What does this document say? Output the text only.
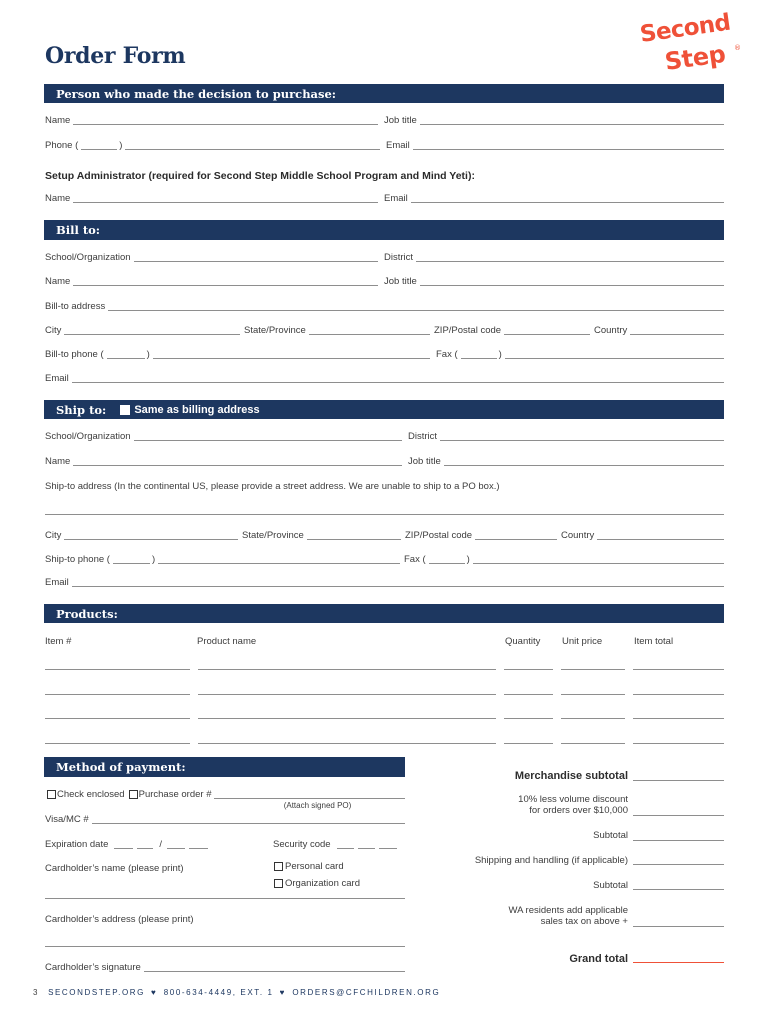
Order Form
Second
Step ®
Person who made the decision to purchase:
Name	Job title
Phone (	)	Email
Setup Administrator (required for Second Step Middle School Program and Mind Yeti):
Name	Email
Bill to:
School/Organization	District
Name	Job title
Bill-to address
City	State/Province	ZIP/Postal code	Country
Bill-to phone (	)	Fax (	)
Email
Ship to:	Same as billing address
School/Organization	District
Name	Job title
Ship-to address (In the continental US, please provide a street address. We are unable to ship to a PO box.)
City	State/Province	ZIP/Postal code	Country
Ship-to phone (	)	Fax (	)
Email
Products:
Item #	Product name	Quantity Unit price	Item total
Method of payment:
Check enclosed Purchase order #
(Attach signed PO)
Visa/MC #
Expiration date	/	Security code
Cardholder’s name (please print)	Personal card
Organization card
Cardholder’s address (please print)
Cardholder’s signature
Merchandise subtotal
10% less volume discount
for orders over $10,000
Subtotal
Shipping and handling (if applicable)
Subtotal
WA residents add applicable
sales tax on above +
Grand total
3 SECONDSTEP.ORG ♥ 800-634-4449, EXT. 1 ♥ ORDERS@CFCHILDREN.ORG
